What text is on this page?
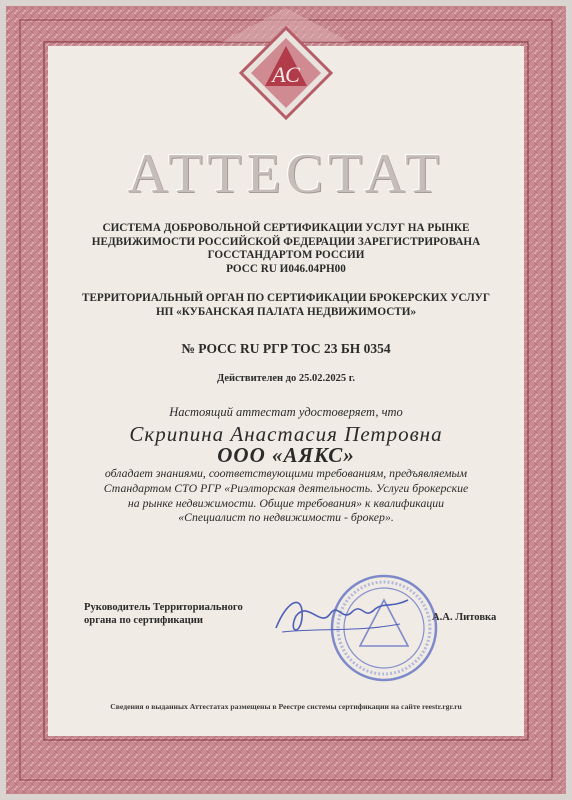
АС
АТТЕСТАТ
СИСТЕМА ДОБРОВОЛЬНОЙ СЕРТИФИКАЦИИ УСЛУГ НА РЫНКЕ
НЕДВИЖИМОСТИ РОССИЙСКОЙ ФЕДЕРАЦИИ ЗАРЕГИСТРИРОВАНА
ГОССТАНДАРТОМ РОССИИ
РОСС RU И046.04РН00
ТЕРРИТОРИАЛЬНЫЙ ОРГАН ПО СЕРТИФИКАЦИИ БРОКЕРСКИХ УСЛУГ
НП «КУБАНСКАЯ ПАЛАТА НЕДВИЖИМОСТИ»
№ РОСС RU РГР ТОС 23 БН 0354
Действителен до 25.02.2025 г.
Настоящий аттестат удостоверяет, что
Скрипина Анастасия Петровна
ООО «АЯКС»
обладает знаниями, соответствующими требованиям, предъявляемым
Стандартом СТО РГР «Риэлторская деятельность. Услуги брокерские
на рынке недвижимости. Общие требования» к квалификации
«Специалист по недвижимости - брокер».
Руководитель Территориального
органа по сертификации	А.А. Литовка
Сведения о выданных Аттестатах размещены в Реестре системы сертификации на сайте reestr.rgr.ru
